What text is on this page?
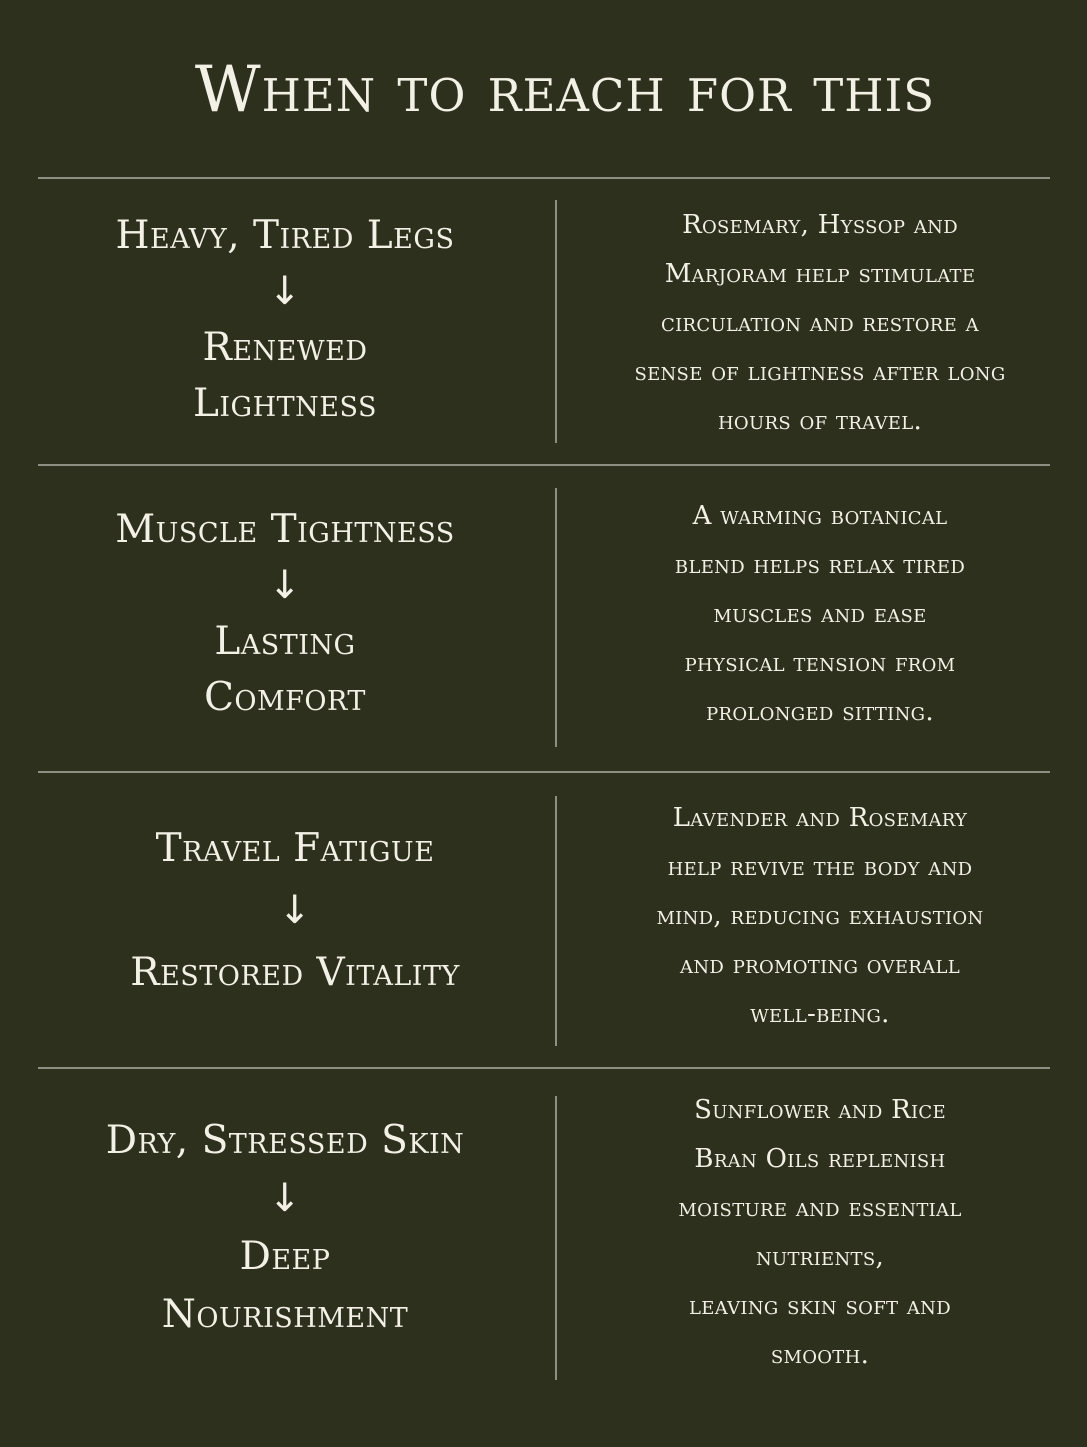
When to reach for this
Heavy, Tired Legs
↓
Renewed
Lightness
Rosemary, Hyssop and
Marjoram help stimulate
circulation and restore a
sense of lightness after long
hours of travel.
Muscle Tightness
↓
Lasting
Comfort
A warming botanical
blend helps relax tired
muscles and ease
physical tension from
prolonged sitting.
Travel Fatigue
↓
Restored Vitality
Lavender and Rosemary
help revive the body and
mind, reducing exhaustion
and promoting overall
well-being.
Dry, Stressed Skin
↓
Deep
Nourishment
Sunflower and Rice
Bran Oils replenish
moisture and essential
nutrients,
leaving skin soft and
smooth.
